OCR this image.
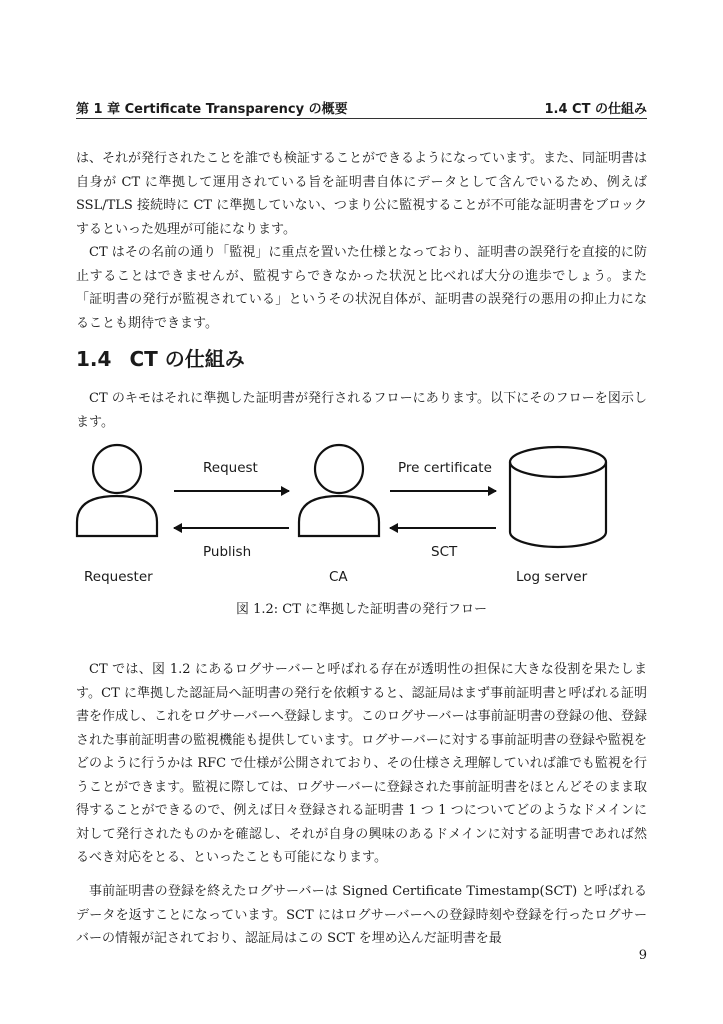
第 1 章 Certificate Transparency の概要	1.4 CT の仕組み

は、それが発行されたことを誰でも検証することができるようになっています。また、同証明書は自身が CT に準拠して運用されている旨を証明書自体にデータとして含んでいるため、例えば SSL/TLS 接続時に CT に準拠していない、つまり公に監視することが不可能な証明書をブロックするといった処理が可能になります。

CT はその名前の通り「監視」に重点を置いた仕様となっており、証明書の誤発行を直接的に防止することはできませんが、監視すらできなかった状況と比べれば大分の進歩でしょう。また「証明書の発行が監視されている」というその状況自体が、証明書の誤発行の悪用の抑止力になることも期待できます。

1.4 CT の仕組み

CT のキモはそれに準拠した証明書が発行されるフローにあります。以下にそのフローを図示します。

Request
Publish
Pre certificate
SCT
Requester	CA	Log server
図 1.2: CT に準拠した証明書の発行フロー

CT では、図 1.2 にあるログサーバーと呼ばれる存在が透明性の担保に大きな役割を果たします。CT に準拠した認証局へ証明書の発行を依頼すると、認証局はまず事前証明書と呼ばれる証明書を作成し、これをログサーバーへ登録します。このログサーバーは事前証明書の登録の他、登録された事前証明書の監視機能も提供しています。ログサーバーに対する事前証明書の登録や監視をどのように行うかは RFC で仕様が公開されており、その仕様さえ理解していれば誰でも監視を行うことができます。監視に際しては、ログサーバーに登録された事前証明書をほとんどそのまま取得することができるので、例えば日々登録される証明書 1 つ 1 つについてどのようなドメインに対して発行されたものかを確認し、それが自身の興味のあるドメインに対する証明書であれば然るべき対応をとる、といったことも可能になります。

事前証明書の登録を終えたログサーバーは Signed Certificate Timestamp(SCT) と呼ばれるデータを返すことになっています。SCT にはログサーバーへの登録時刻や登録を行ったログサーバーの情報が記されており、認証局はこの SCT を埋め込んだ証明書を最

9
